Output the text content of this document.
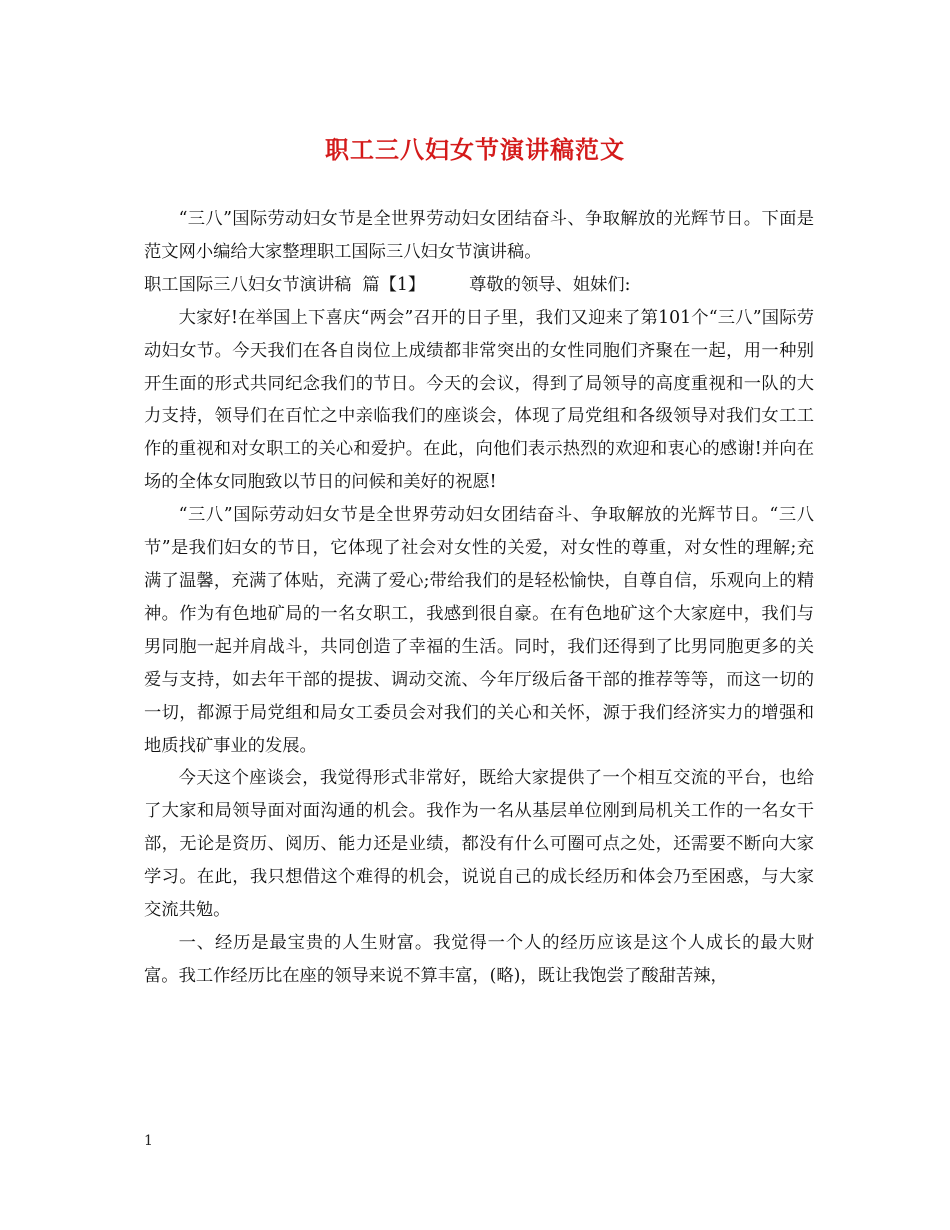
职工三八妇女节演讲稿范文

“三八”国际劳动妇女节是全世界劳动妇女团结奋斗、争取解放的光辉节日。下面是范文网小编给大家整理职工国际三八妇女节演讲稿。

职工国际三八妇女节演讲稿  篇【1】        尊敬的领导、姐妹们:

大家好!在举国上下喜庆“两会”召开的日子里，我们又迎来了第101个“三八”国际劳动妇女节。今天我们在各自岗位上成绩都非常突出的女性同胞们齐聚在一起，用一种别开生面的形式共同纪念我们的节日。今天的会议，得到了局领导的高度重视和一队的大力支持，领导们在百忙之中亲临我们的座谈会，体现了局党组和各级领导对我们女工工作的重视和对女职工的关心和爱护。在此，向他们表示热烈的欢迎和衷心的感谢!并向在场的全体女同胞致以节日的问候和美好的祝愿!

“三八”国际劳动妇女节是全世界劳动妇女团结奋斗、争取解放的光辉节日。“三八节”是我们妇女的节日，它体现了社会对女性的关爱，对女性的尊重，对女性的理解;充满了温馨，充满了体贴，充满了爱心;带给我们的是轻松愉快，自尊自信，乐观向上的精神。作为有色地矿局的一名女职工，我感到很自豪。在有色地矿这个大家庭中，我们与男同胞一起并肩战斗，共同创造了幸福的生活。同时，我们还得到了比男同胞更多的关爱与支持，如去年干部的提拔、调动交流、今年厅级后备干部的推荐等等，而这一切的一切，都源于局党组和局女工委员会对我们的关心和关怀，源于我们经济实力的增强和地质找矿事业的发展。

今天这个座谈会，我觉得形式非常好，既给大家提供了一个相互交流的平台，也给了大家和局领导面对面沟通的机会。我作为一名从基层单位刚到局机关工作的一名女干部，无论是资历、阅历、能力还是业绩，都没有什么可圈可点之处，还需要不断向大家学习。在此，我只想借这个难得的机会，说说自己的成长经历和体会乃至困惑，与大家交流共勉。

一、经历是最宝贵的人生财富。我觉得一个人的经历应该是这个人成长的最大财富。我工作经历比在座的领导来说不算丰富，(略)，既让我饱尝了酸甜苦辣，

1
